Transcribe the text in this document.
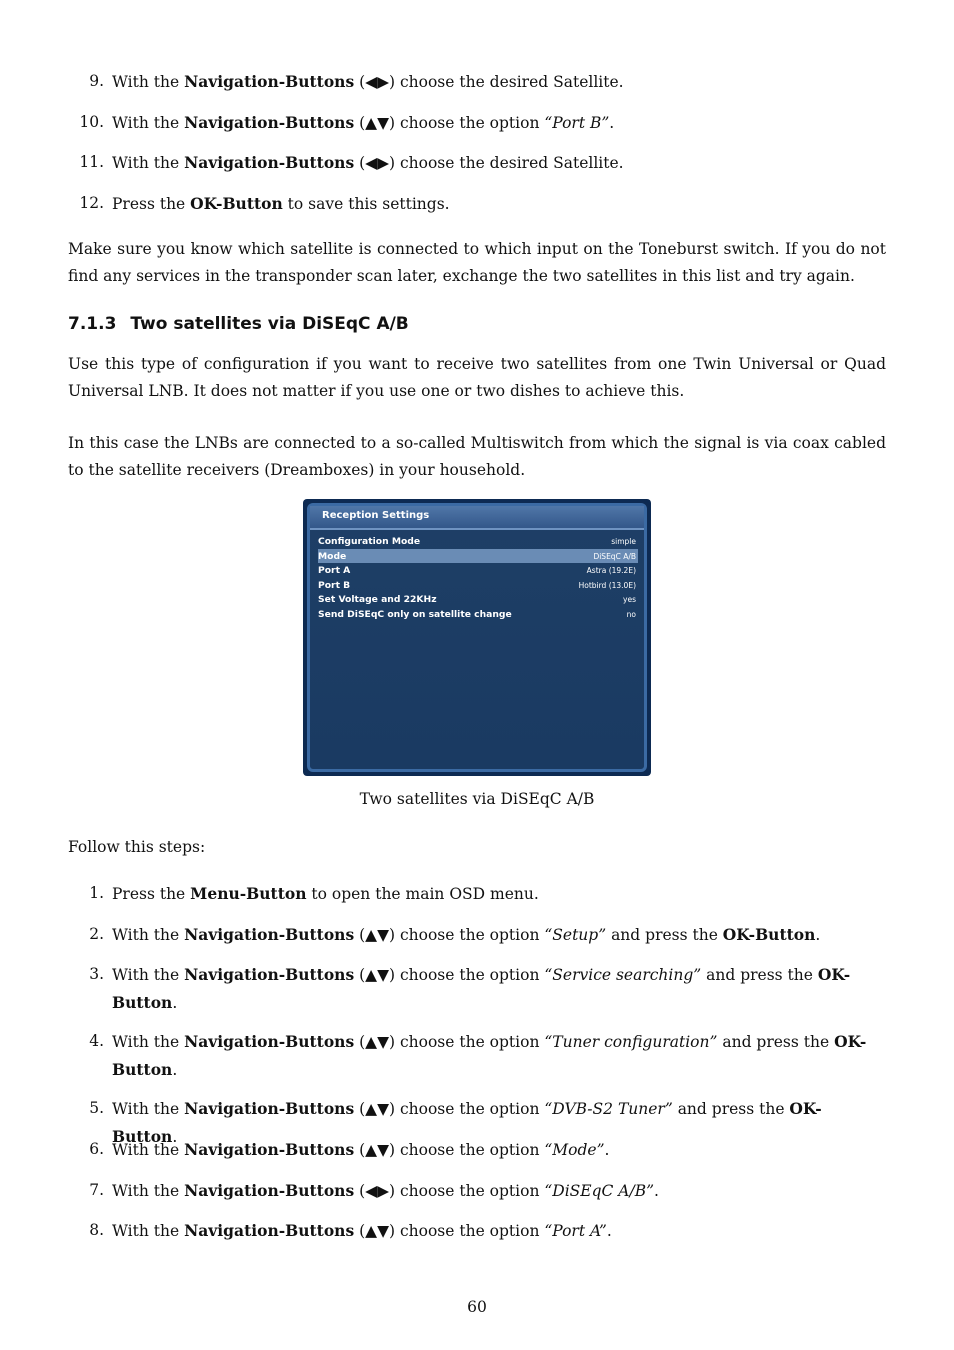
9. With the Navigation-Buttons (◀▶) choose the desired Satellite.
10. With the Navigation-Buttons (▲▼) choose the option “Port B”.
11. With the Navigation-Buttons (◀▶) choose the desired Satellite.
12. Press the OK-Button to save this settings.
Make sure you know which satellite is connected to which input on the Toneburst switch. If you do not find any services in the transponder scan later, exchange the two satellites in this list and try again.
7.1.3 Two satellites via DiSEqC A/B
Use this type of configuration if you want to receive two satellites from one Twin Universal or Quad Universal LNB. It does not matter if you use one or two dishes to achieve this.
In this case the LNBs are connected to a so-called Multiswitch from which the signal is via coax cabled to the satellite receivers (Dreamboxes) in your household.
Reception Settings
Configuration Mode	simple
Mode	DiSEqC A/B
Port A	Astra (19.2E)
Port B	Hotbird (13.0E)
Set Voltage and 22KHz	yes
Send DiSEqC only on satellite change	no
Two satellites via DiSEqC A/B
Follow this steps:
1. Press the Menu-Button to open the main OSD menu.
2. With the Navigation-Buttons (▲▼) choose the option “Setup” and press the OK-Button.
3. With the Navigation-Buttons (▲▼) choose the option “Service searching” and press the OK-Button.
4. With the Navigation-Buttons (▲▼) choose the option “Tuner configuration” and press the OK-Button.
5. With the Navigation-Buttons (▲▼) choose the option “DVB-S2 Tuner” and press the OK-Button.
6. With the Navigation-Buttons (▲▼) choose the option “Mode”.
7. With the Navigation-Buttons (◀▶) choose the option “DiSEqC A/B”.
8. With the Navigation-Buttons (▲▼) choose the option “Port A”.
60
